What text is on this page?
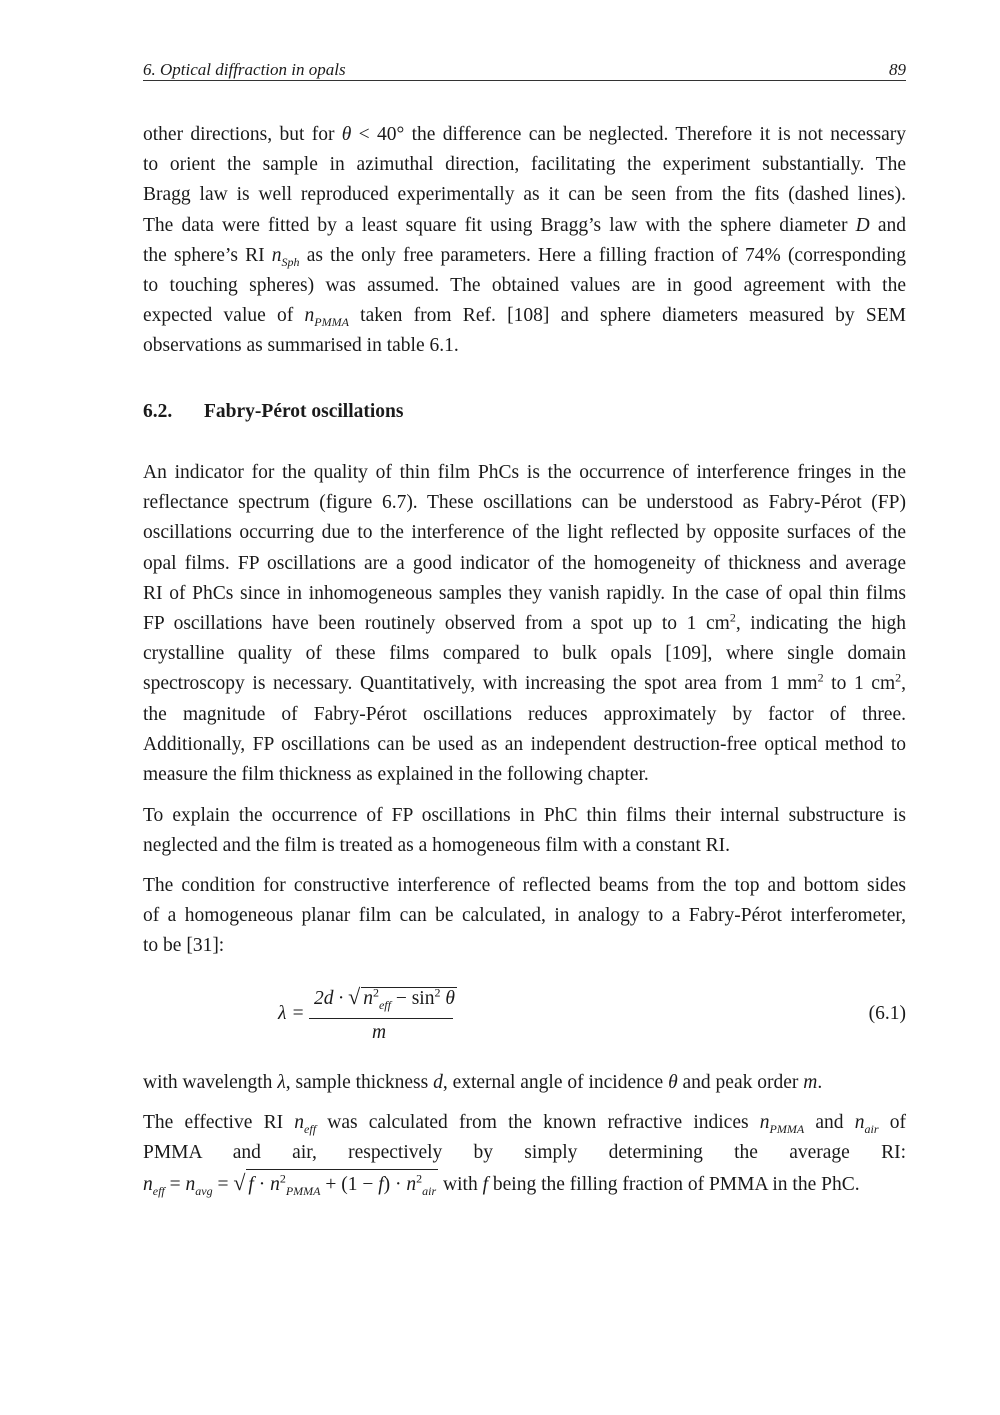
6. Optical diffraction in opals	89
other directions, but for θ < 40° the difference can be neglected. Therefore it is not necessary
to orient the sample in azimuthal direction, facilitating the experiment substantially. The
Bragg law is well reproduced experimentally as it can be seen from the fits (dashed lines).
The data were fitted by a least square fit using Bragg’s law with the sphere diameter D and
the sphere’s RI $n_{Sph}$ as the only free parameters. Here a filling fraction of 74% (corresponding
to touching spheres) was assumed. The obtained values are in good agreement with the
expected value of $n_{PMMA}$ taken from Ref. [108] and sphere diameters measured by SEM
observations as summarised in table 6.1.
6.2. Fabry-Pérot oscillations
An indicator for the quality of thin film PhCs is the occurrence of interference fringes in the
reflectance spectrum (figure 6.7). These oscillations can be understood as Fabry-Pérot (FP)
oscillations occurring due to the interference of the light reflected by opposite surfaces of the
opal films. FP oscillations are a good indicator of the homogeneity of thickness and average
RI of PhCs since in inhomogeneous samples they vanish rapidly. In the case of opal thin films
FP oscillations have been routinely observed from a spot up to 1 $cm^2$, indicating the high
crystalline quality of these films compared to bulk opals [109], where single domain
spectroscopy is necessary. Quantitatively, with increasing the spot area from 1 $mm^2$ to 1 $cm^2$,
the magnitude of Fabry-Pérot oscillations reduces approximately by factor of three.
Additionally, FP oscillations can be used as an independent destruction-free optical method to
measure the film thickness as explained in the following chapter.
To explain the occurrence of FP oscillations in PhC thin films their internal substructure is
neglected and the film is treated as a homogeneous film with a constant RI.
The condition for constructive interference of reflected beams from the top and bottom sides
of a homogeneous planar film can be calculated, in analogy to a Fabry-Pérot interferometer,
to be [31]:
λ =
2d · √ $n^2_{eff} - \sin^2 \theta$
m
(6.1)
with wavelength λ, sample thickness d, external angle of incidence θ and peak order m.
The effective RI $n_{eff}$ was calculated from the known refractive indices $n_{PMMA}$ and $n_{air}$ of
PMMA and air, respectively by simply determining the average RI:
$n_{eff} = n_{avg}$ = √ $f \cdot n^2_{PMMA} + (1 - f) \cdot n^2_{air}$ with f being the filling fraction of PMMA in the PhC.
